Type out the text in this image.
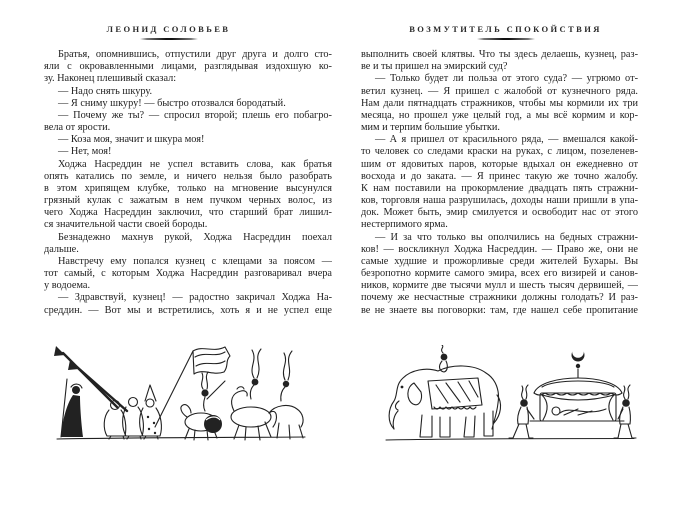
ЛЕОНИД СОЛОВЬЕВ
Братья, опомнившись, отпустили друг друга и долго сто-
яли с окровавленными лицами, разглядывая издохшую ко-
зу. Наконец плешивый сказал:
— Надо снять шкуру.
— Я сниму шкуру! — быстро отозвался бородатый.
— Почему же ты? — спросил второй; плешь его побагро-
вела от ярости.
— Коза моя, значит и шкура моя!
— Нет, моя!
Ходжа Насреддин не успел вставить слова, как братья
опять катались по земле, и ничего нельзя было разобрать
в этом хрипящем клубке, только на мгновение высунулся
грязный кулак с зажатым в нем пучком черных волос, из
чего Ходжа Насреддин заключил, что старший брат лишил-
ся значительной части своей бороды.
Безнадежно махнув рукой, Ходжа Насреддин поехал
дальше.
Навстречу ему попался кузнец с клещами за поясом —
тот самый, с которым Ходжа Насреддин разговаривал вчера
у водоема.
— Здравствуй, кузнец! — радостно закричал Ходжа На-
среддин. — Вот мы и встретились, хоть я и не успел еще
ВОЗМУТИТЕЛЬ СПОКОЙСТВИЯ
выполнить своей клятвы. Что ты здесь делаешь, кузнец, раз-
ве и ты пришел на эмирский суд?
— Только будет ли польза от этого суда? — угрюмо от-
ветил кузнец. — Я пришел с жалобой от кузнечного ряда.
Нам дали пятнадцать стражников, чтобы мы кормили их три
месяца, но прошел уже целый год, а мы всё кормим и кор-
мим и терпим большие убытки.
— А я пришел от красильного ряда, — вмешался какой-
то человек со следами краски на руках, с лицом, позеленев-
шим от ядовитых паров, которые вдыхал он ежедневно от
восхода и до заката. — Я принес такую же точно жалобу.
К нам поставили на прокормление двадцать пять стражни-
ков, торговля наша разрушилась, доходы наши пришли в упа-
док. Может быть, эмир смилуется и освободит нас от этого
нестерпимого ярма.
— И за что только вы ополчились на бедных стражни-
ков! — воскликнул Ходжа Насреддин. — Право же, они не
самые худшие и прожорливые среди жителей Бухары. Вы
безропотно кормите самого эмира, всех его визирей и санов-
ников, кормите две тысячи мулл и шесть тысяч дервишей, —
почему же несчастные стражники должны голодать? И раз-
ве не знаете вы поговорки: там, где нашел себе пропитание
